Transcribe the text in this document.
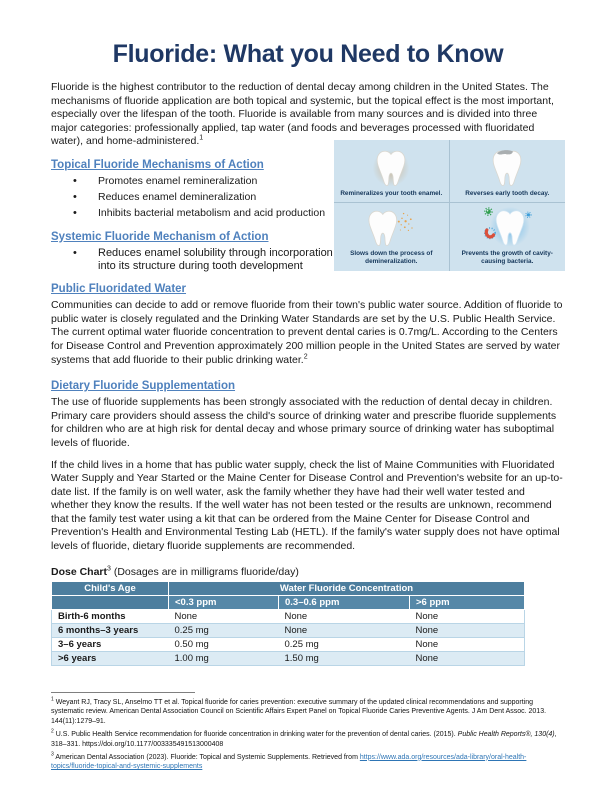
Fluoride: What you Need to Know
Fluoride is the highest contributor to the reduction of dental decay among children in the United States. The mechanisms of fluoride application are both topical and systemic, but the topical effect is the most important, especially over the lifespan of the tooth. Fluoride is available from many sources and is divided into three major categories: professionally applied, tap water (and foods and beverages processed with fluoridated water), and home-administered.$^1$
Topical Fluoride Mechanisms of Action
• Promotes enamel remineralization
• Reduces enamel demineralization
• Inhibits bacterial metabolism and acid production
Systemic Fluoride Mechanism of Action
• Reduces enamel solubility through incorporation into its structure during tooth development
Remineralizes your tooth enamel.	Reverses early tooth decay.
Slows down the process of demineralization.
Prevents the growth of cavity-causing bacteria.
Public Fluoridated Water
Communities can decide to add or remove fluoride from their town's public water source. Addition of fluoride to public water is closely regulated and the Drinking Water Standards are set by the U.S. Public Health Service. The current optimal water fluoride concentration to prevent dental caries is 0.7mg/L. According to the Centers for Disease Control and Prevention approximately 200 million people in the United States are served by water systems that add fluoride to their public drinking water.$^2$
Dietary Fluoride Supplementation
The use of fluoride supplements has been strongly associated with the reduction of dental decay in children. Primary care providers should assess the child's source of drinking water and prescribe fluoride supplements for children who are at high risk for dental decay and whose primary source of drinking water has suboptimal levels of fluoride.
If the child lives in a home that has public water supply, check the list of Maine Communities with Fluoridated Water Supply and Year Started or the Maine Center for Disease Control and Prevention's website for an up-to-date list. If the family is on well water, ask the family whether they have had their well water tested and whether they know the results. If the well water has not been tested or the results are unknown, recommend that the family test water using a kit that can be ordered from the Maine Center for Disease Control and Prevention's Health and Environmental Testing Lab (HETL). If the family's water supply does not have optimal levels of fluoride, dietary fluoride supplements are recommended.
Dose Chart$^3$ (Dosages are in milligrams fluoride/day)
Child's Age	Water Fluoride Concentration		
	<0.3 ppm	0.3–0.6 ppm	>6 ppm
Birth-6 months	None	None	None
6 months–3 years	0.25 mg	None	None
3–6 years	0.50 mg	0.25 mg	None
>6 years	1.00 mg	1.50 mg	None
$^1$ Weyant RJ, Tracy SL, Anselmo TT et al. Topical fluoride for caries prevention: executive summary of the updated clinical recommendations and supporting systematic review. American Dental Association Council on Scientific Affairs Expert Panel on Topical Fluoride Caries Preventive Agents. J Am Dent Assoc. 2013. 144(11):1279–91.
$^2$ U.S. Public Health Service recommendation for fluoride concentration in drinking water for the prevention of dental caries. (2015). Public Health Reports®, 130(4), 318–331. https://doi.org/10.1177/003335491513000408
$^3$ American Dental Association (2023). Fluoride: Topical and Systemic Supplements. Retrieved from https://www.ada.org/resources/ada-library/oral-health-topics/fluoride-topical-and-systemic-supplements
